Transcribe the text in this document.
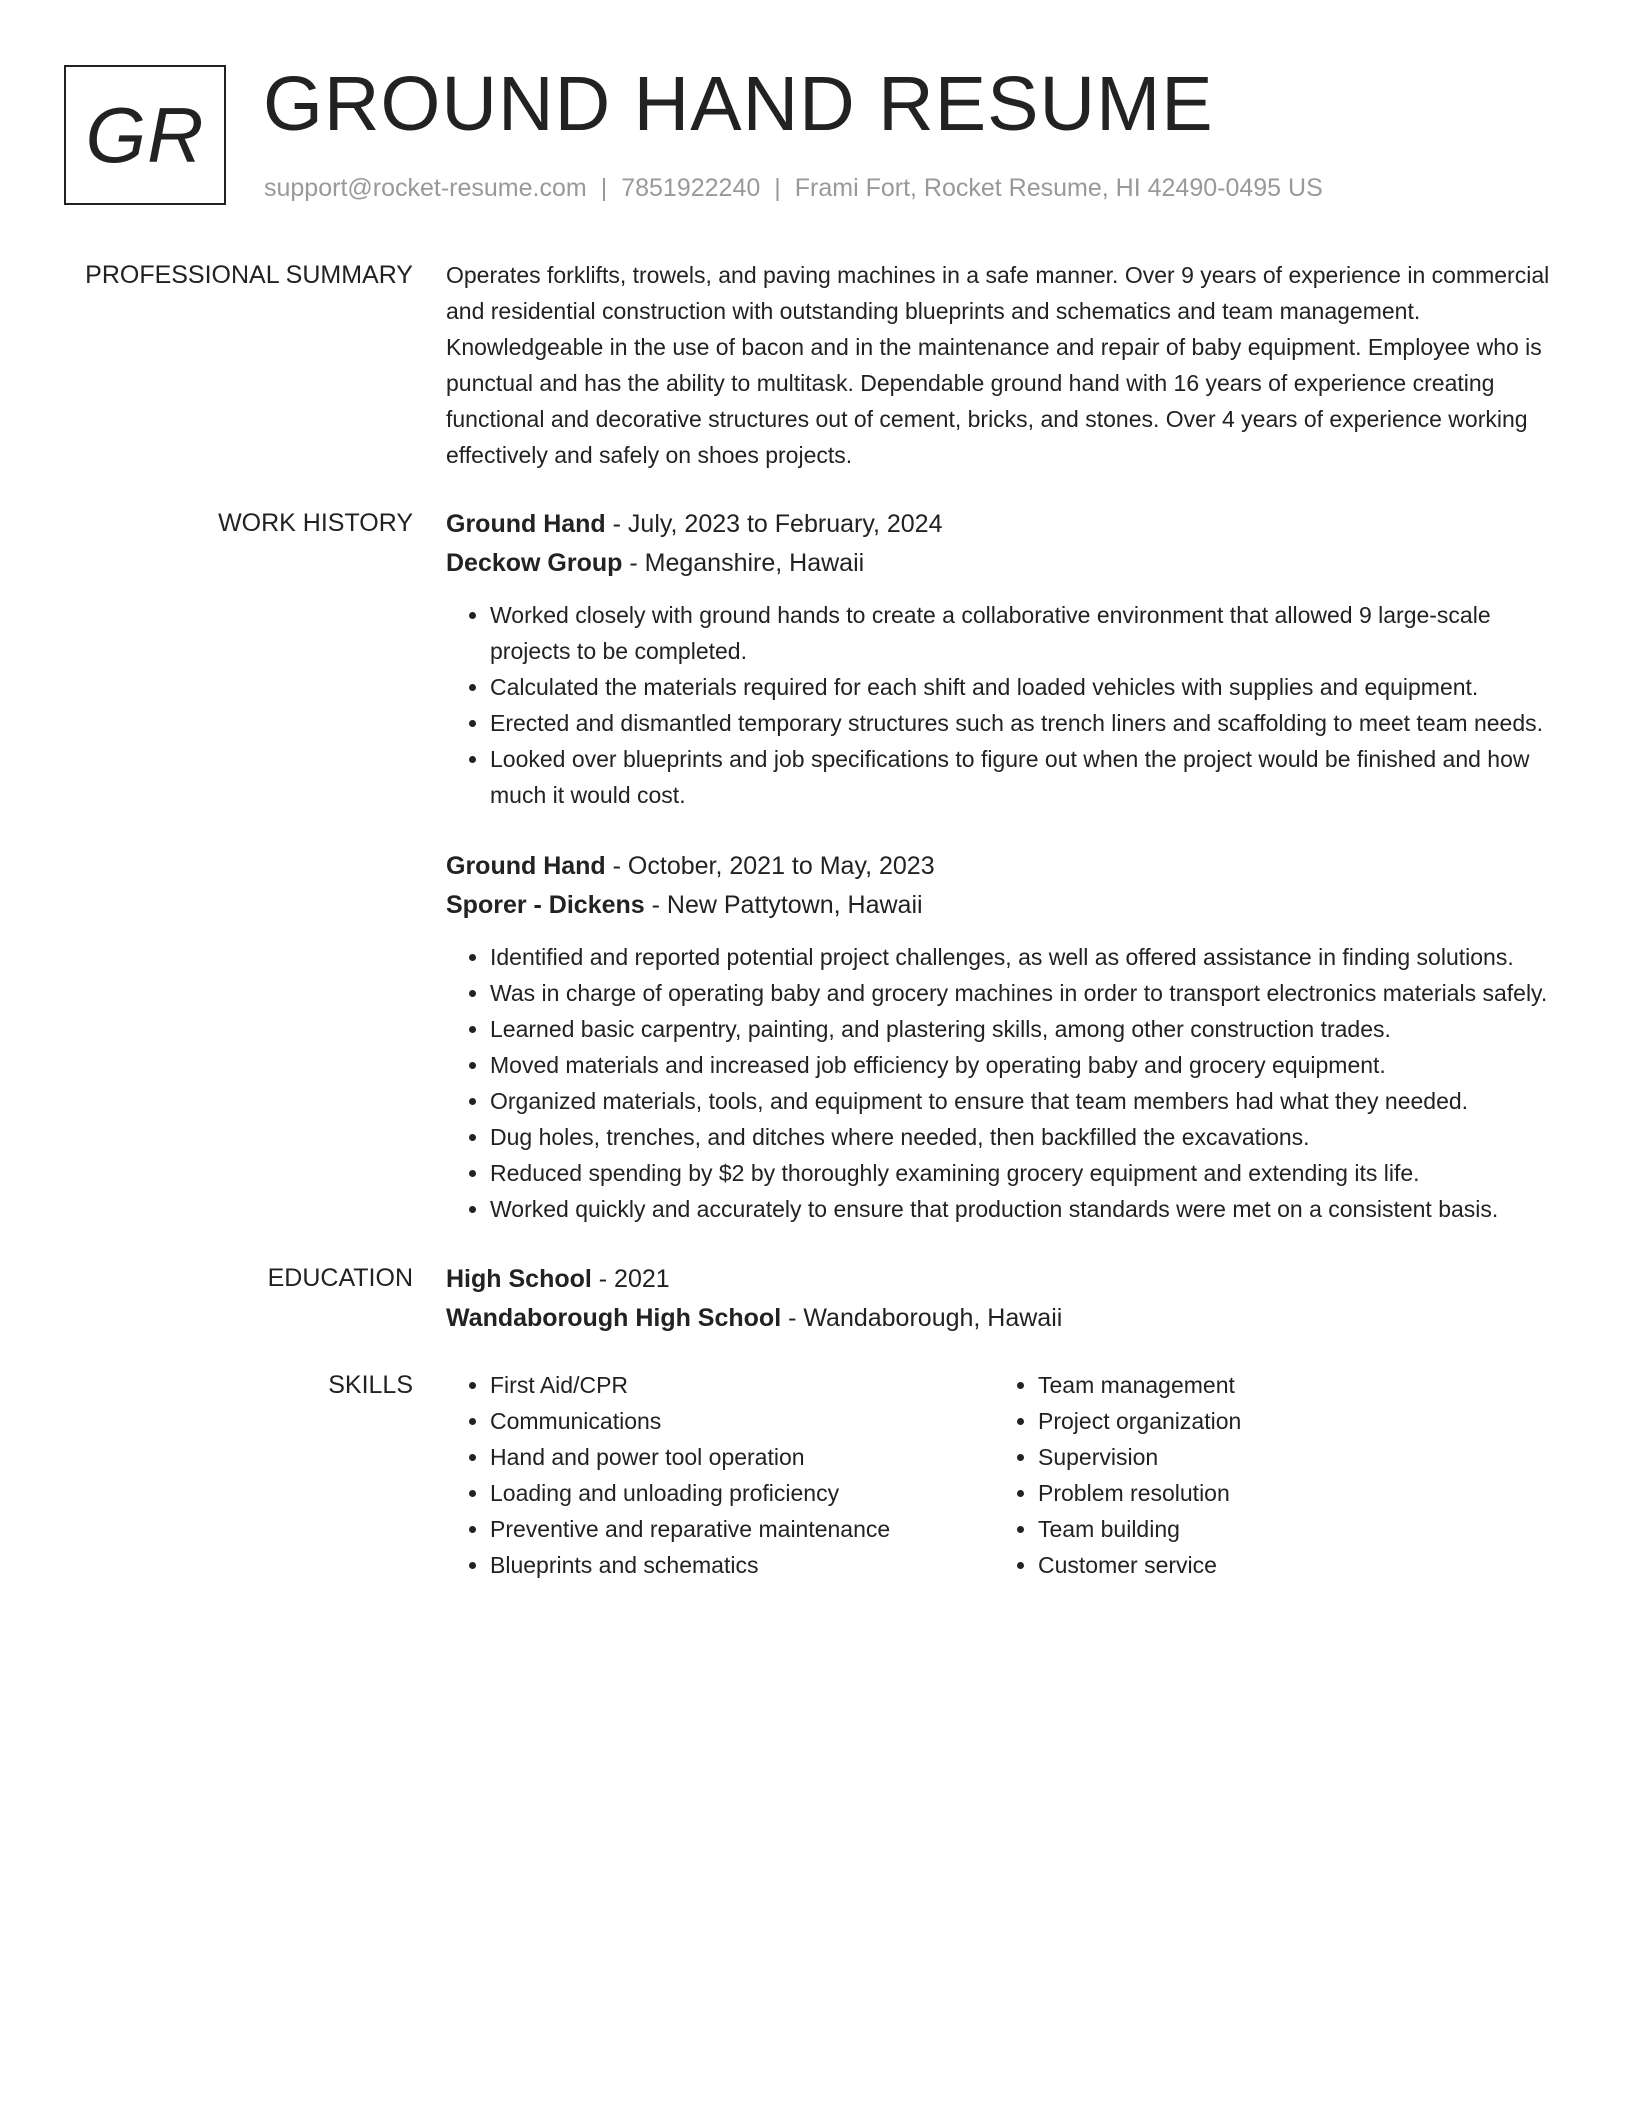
GR GROUND HAND RESUME
support@rocket-resume.com | 7851922240 | Frami Fort, Rocket Resume, HI 42490-0495 US
PROFESSIONAL SUMMARY Operates forklifts, trowels, and paving machines in a safe manner. Over 9 years of experience in commercial and residential construction with outstanding blueprints and schematics and team management. Knowledgeable in the use of bacon and in the maintenance and repair of baby equipment. Employee who is punctual and has the ability to multitask. Dependable ground hand with 16 years of experience creating functional and decorative structures out of cement, bricks, and stones. Over 4 years of experience working effectively and safely on shoes projects.
WORK HISTORY Ground Hand - July, 2023 to February, 2024
Deckow Group - Meganshire, Hawaii
• Worked closely with ground hands to create a collaborative environment that allowed 9 large-scale projects to be completed.
• Calculated the materials required for each shift and loaded vehicles with supplies and equipment.
• Erected and dismantled temporary structures such as trench liners and scaffolding to meet team needs.
• Looked over blueprints and job specifications to figure out when the project would be finished and how much it would cost.
Ground Hand - October, 2021 to May, 2023
Sporer - Dickens - New Pattytown, Hawaii
• Identified and reported potential project challenges, as well as offered assistance in finding solutions.
• Was in charge of operating baby and grocery machines in order to transport electronics materials safely.
• Learned basic carpentry, painting, and plastering skills, among other construction trades.
• Moved materials and increased job efficiency by operating baby and grocery equipment.
• Organized materials, tools, and equipment to ensure that team members had what they needed.
• Dug holes, trenches, and ditches where needed, then backfilled the excavations.
• Reduced spending by $2 by thoroughly examining grocery equipment and extending its life.
• Worked quickly and accurately to ensure that production standards were met on a consistent basis.
EDUCATION High School - 2021
Wandaborough High School - Wandaborough, Hawaii
SKILLS
•	First Aid/CPR
• Communications
• Hand and power tool operation
• Loading and unloading proficiency
• Preventive and reparative maintenance
• Blueprints and schematics
• Team management
• Project organization
• Supervision
• Problem resolution
• Team building
• Customer service
